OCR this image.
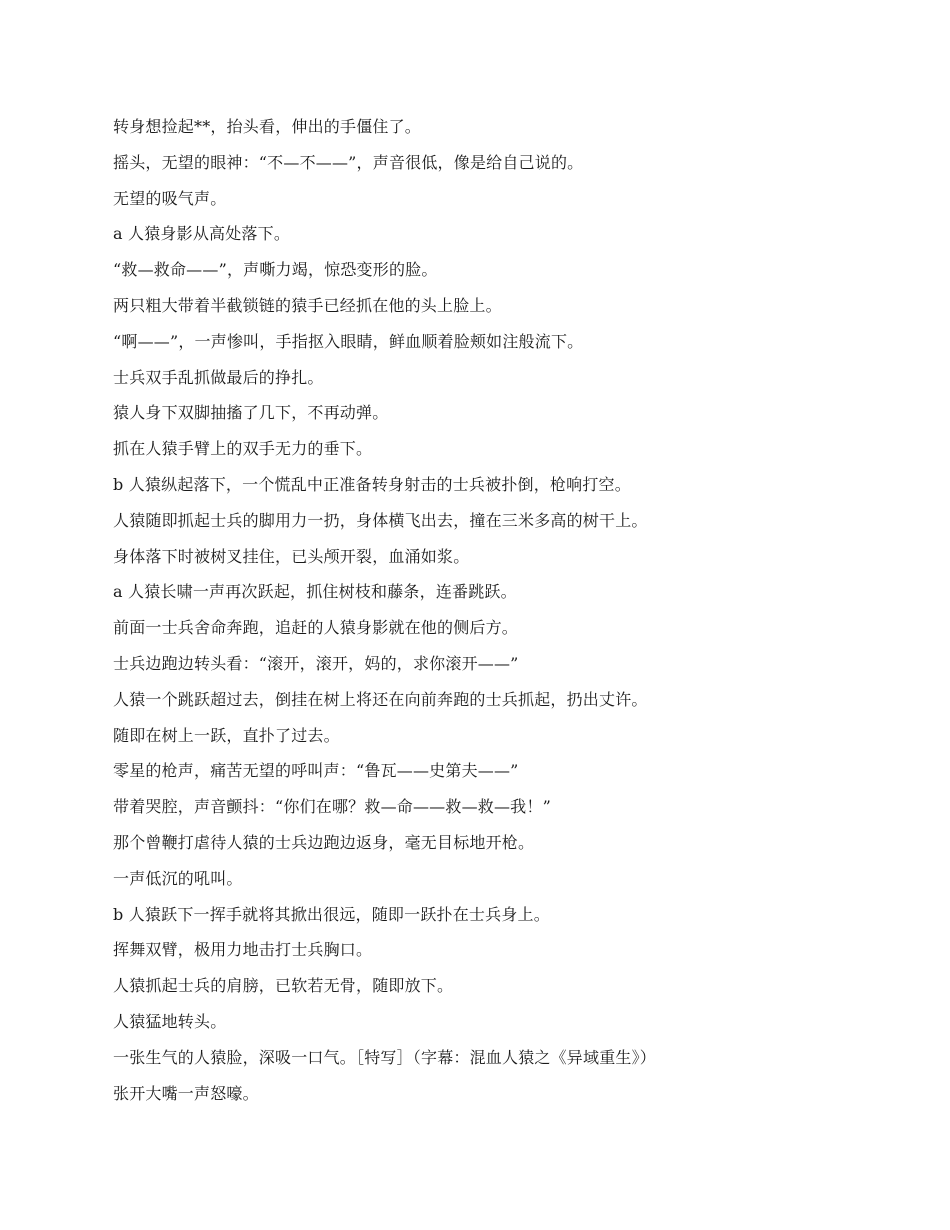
转身想捡起**，抬头看，伸出的手僵住了。
摇头，无望的眼神：“不—不——”，声音很低，像是给自己说的。
无望的吸气声。
a 人猿身影从高处落下。
“救—救命——”，声嘶力竭，惊恐变形的脸。
两只粗大带着半截锁链的猿手已经抓在他的头上脸上。
“啊——”，一声惨叫，手指抠入眼睛，鲜血顺着脸颊如注般流下。
士兵双手乱抓做最后的挣扎。
猿人身下双脚抽搐了几下，不再动弹。
抓在人猿手臂上的双手无力的垂下。
b 人猿纵起落下，一个慌乱中正准备转身射击的士兵被扑倒，枪响打空。
人猿随即抓起士兵的脚用力一扔，身体横飞出去，撞在三米多高的树干上。
身体落下时被树叉挂住，已头颅开裂，血涌如浆。
a 人猿长啸一声再次跃起，抓住树枝和藤条，连番跳跃。
前面一士兵舍命奔跑，追赶的人猿身影就在他的侧后方。
士兵边跑边转头看：“滚开，滚开，妈的，求你滚开——”
人猿一个跳跃超过去，倒挂在树上将还在向前奔跑的士兵抓起，扔出丈许。
随即在树上一跃，直扑了过去。
零星的枪声，痛苦无望的呼叫声：“鲁瓦——史第夫——”
带着哭腔，声音颤抖：“你们在哪？救—命——救—救—我！”
那个曾鞭打虐待人猿的士兵边跑边返身，毫无目标地开枪。
一声低沉的吼叫。
b 人猿跃下一挥手就将其掀出很远，随即一跃扑在士兵身上。
挥舞双臂，极用力地击打士兵胸口。
人猿抓起士兵的肩膀，已软若无骨，随即放下。
人猿猛地转头。
一张生气的人猿脸，深吸一口气。［特写］（字幕：混血人猿之《异域重生》）
张开大嘴一声怒嚎。
